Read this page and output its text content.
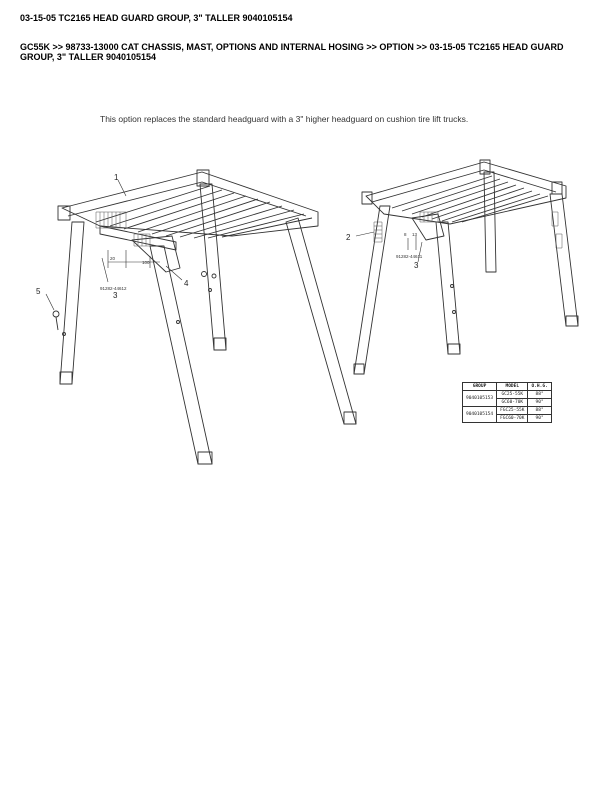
03-15-05 TC2165 HEAD GUARD GROUP, 3" TALLER 9040105154
GC55K >> 98733-13000 CAT CHASSIS, MAST, OPTIONS AND INTERNAL HOSING >> OPTION >> 03-15-05 TC2165 HEAD GUARD GROUP, 3" TALLER 9040105154
This option replaces the standard headguard with a 3" higher headguard on cushion tire lift trucks.
1
3
4
5
2
3
91282-44612
91282-44611
20
100
8 13
GROUP	MODEL	O.H.G.
9040105153	GC25-55K	88"
	GC60-70K	90"
9040105154	FGC25-55K	88"
	FGC60-70K	90"
